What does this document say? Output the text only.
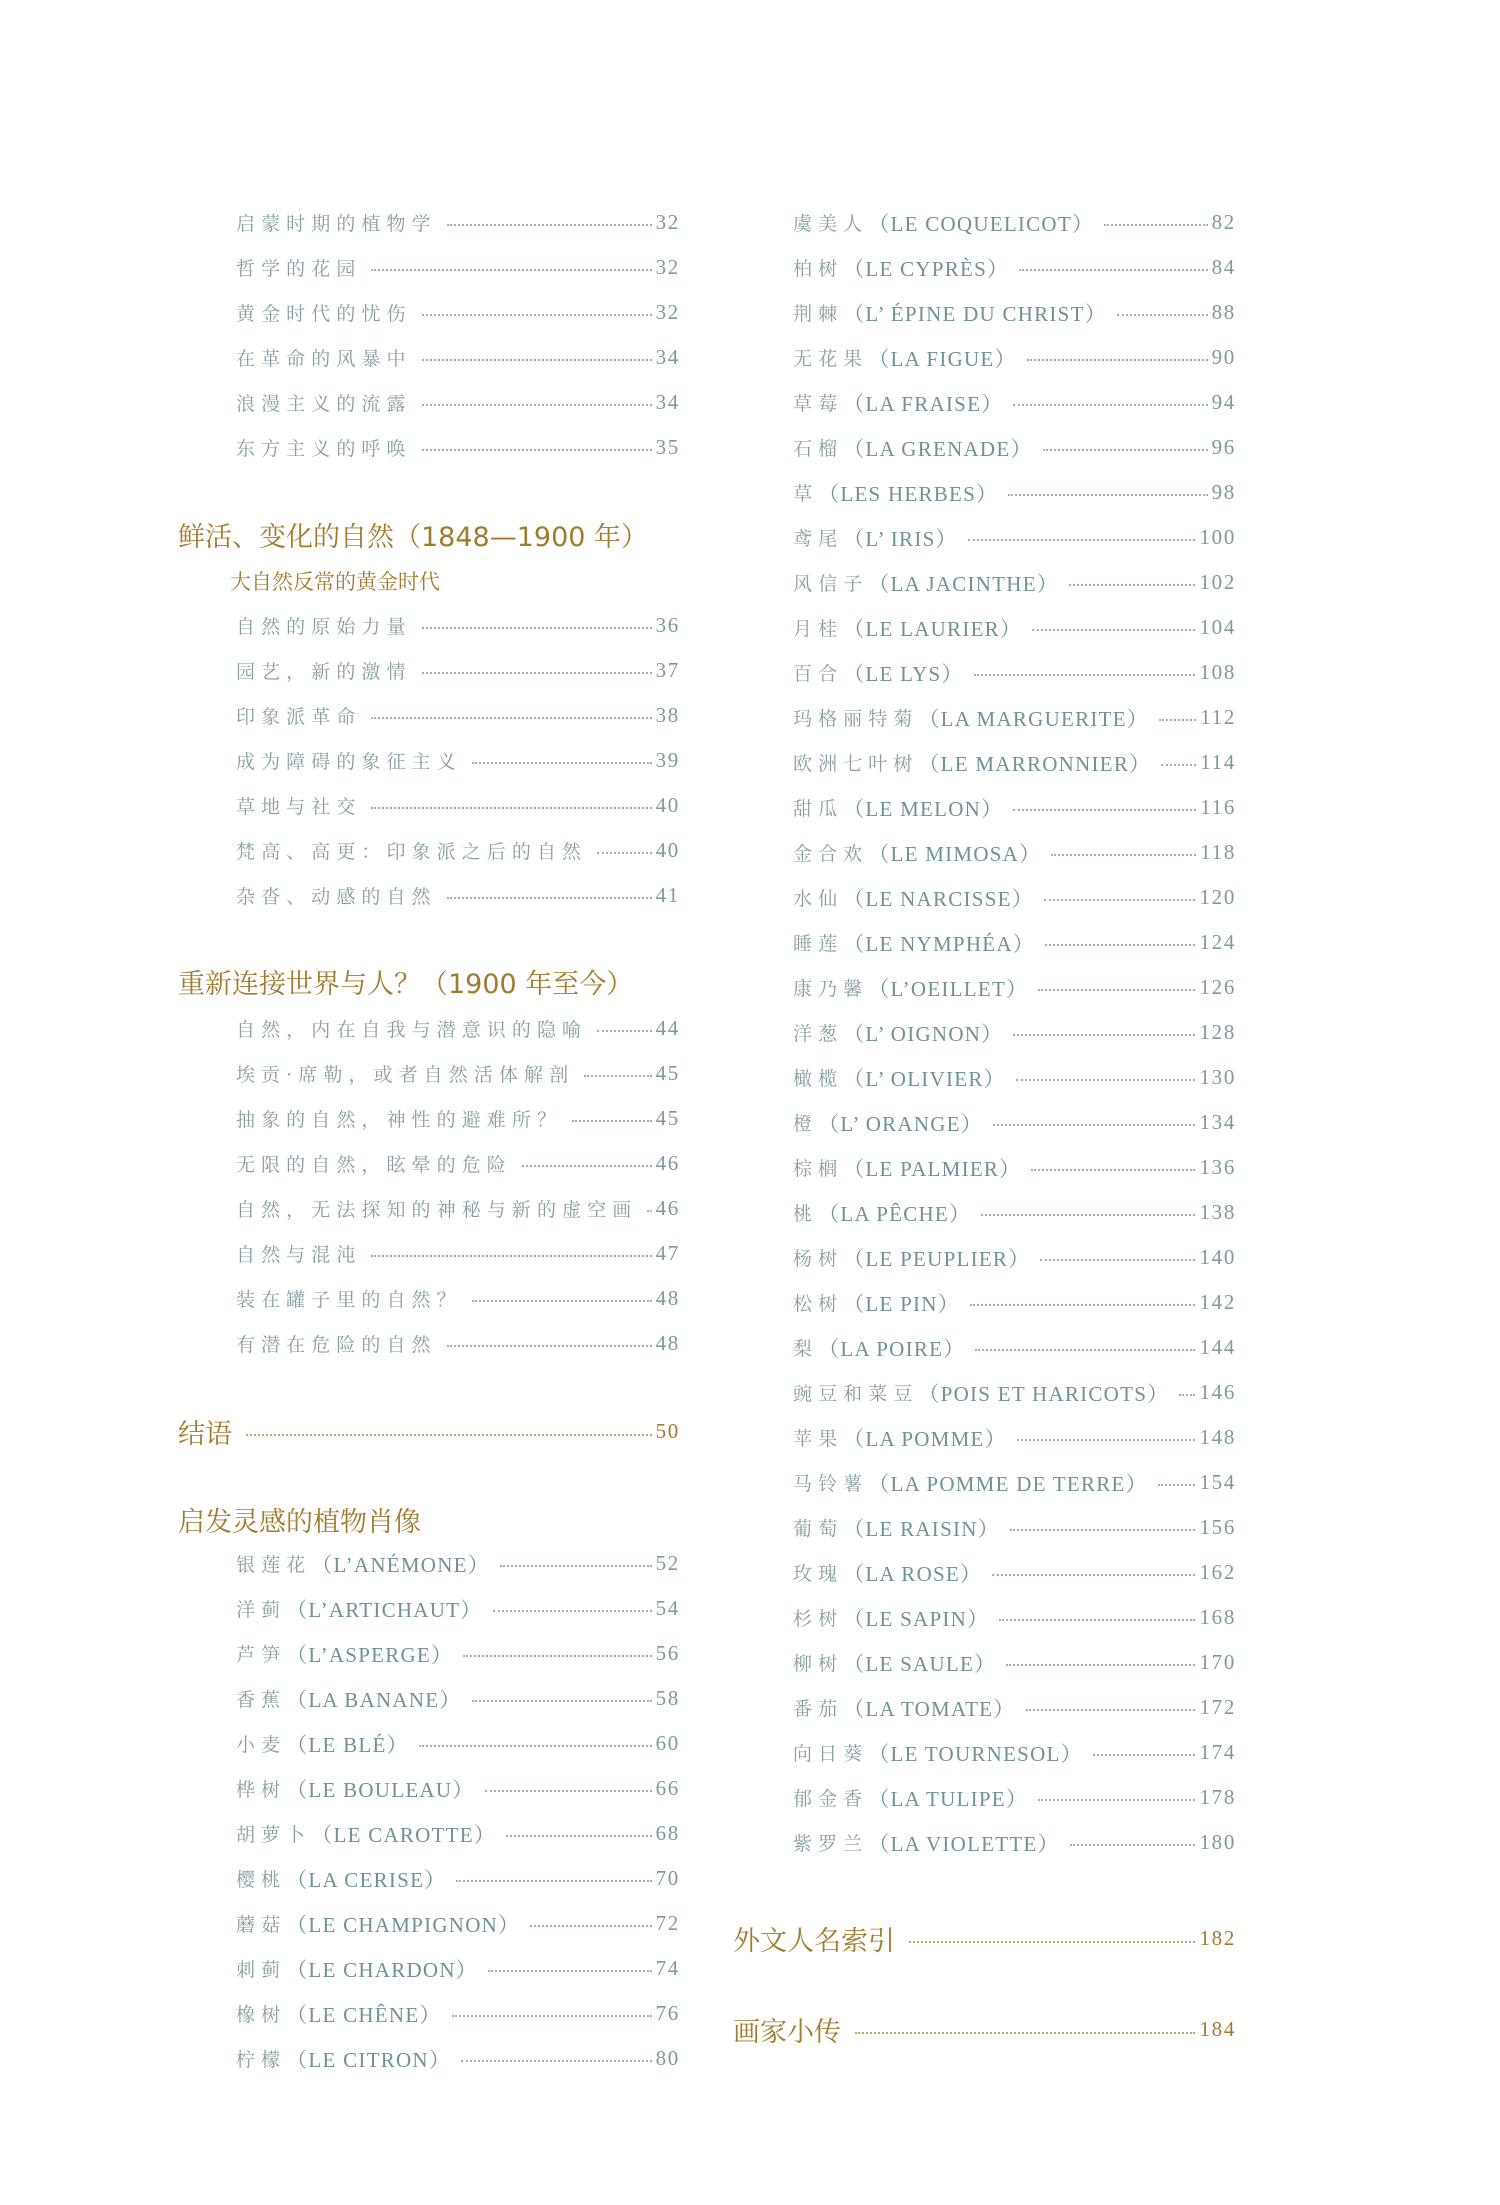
启蒙时期的植物学	32
哲学的花园	32
黄金时代的忧伤	32
在革命的风暴中	34
浪漫主义的流露	34
东方主义的呼唤	35
鲜活、变化的自然（1848—1900 年）
大自然反常的黄金时代
自然的原始力量	36
园艺，新的激情	37
印象派革命	38
成为障碍的象征主义	39
草地与社交	40
梵高、高更：印象派之后的自然	40
杂沓、动感的自然	41
重新连接世界与人？（1900 年至今）
自然，内在自我与潜意识的隐喻	44
埃贡·席勒，或者自然活体解剖	45
抽象的自然，神性的避难所？	45
无限的自然，眩晕的危险	46
自然，无法探知的神秘与新的虚空画 46
自然与混沌	47
装在罐子里的自然？	48
有潜在危险的自然	48
结语	50
启发灵感的植物肖像
银莲花 （L’ANÉMONE）	52
洋蓟 （L’ARTICHAUT）	54
芦笋 （L’ASPERGE）	56
香蕉 （LA BANANE）	58
小麦 （LE BLÉ）	60
桦树 （LE BOULEAU）	66
胡萝卜 （LE CAROTTE）	68
樱桃 （LA CERISE）	70
蘑菇 （LE CHAMPIGNON）	72
刺蓟 （LE CHARDON）	74
橡树 （LE CHÊNE）	76
柠檬 （LE CITRON）	80
虞美人 （LE COQUELICOT）	82
柏树 （LE CYPRÈS）	84
荆棘 （L’ ÉPINE DU CHRIST）	88
无花果 （LA FIGUE）	90
草莓 （LA FRAISE）	94
石榴 （LA GRENADE）	96
草 （LES HERBES）	98
鸢尾 （L’ IRIS）	100
风信子 （LA JACINTHE）	102
月桂 （LE LAURIER）	104
百合 （LE LYS）	108
玛格丽特菊 （LA MARGUERITE） 112
欧洲七叶树 （LE MARRONNIER） 114
甜瓜 （LE MELON）	116
金合欢 （LE MIMOSA）	118
水仙 （LE NARCISSE）	120
睡莲 （LE NYMPHÉA）	124
康乃馨 （L’OEILLET）	126
洋葱 （L’ OIGNON）	128
橄榄 （L’ OLIVIER）	130
橙 （L’ ORANGE）	134
棕榈 （LE PALMIER）	136
桃 （LA PÊCHE）	138
杨树 （LE PEUPLIER）	140
松树 （LE PIN）	142
梨 （LA POIRE）	144
豌豆和菜豆 （POIS ET HARICOTS） 146
苹果 （LA POMME）	148
马铃薯 （LA POMME DE TERRE） 154
葡萄 （LE RAISIN）	156
玫瑰 （LA ROSE）	162
杉树 （LE SAPIN）	168
柳树 （LE SAULE）	170
番茄 （LA TOMATE）	172
向日葵 （LE TOURNESOL）	174
郁金香 （LA TULIPE）	178
紫罗兰 （LA VIOLETTE）	180
外文人名索引	182
画家小传	184
